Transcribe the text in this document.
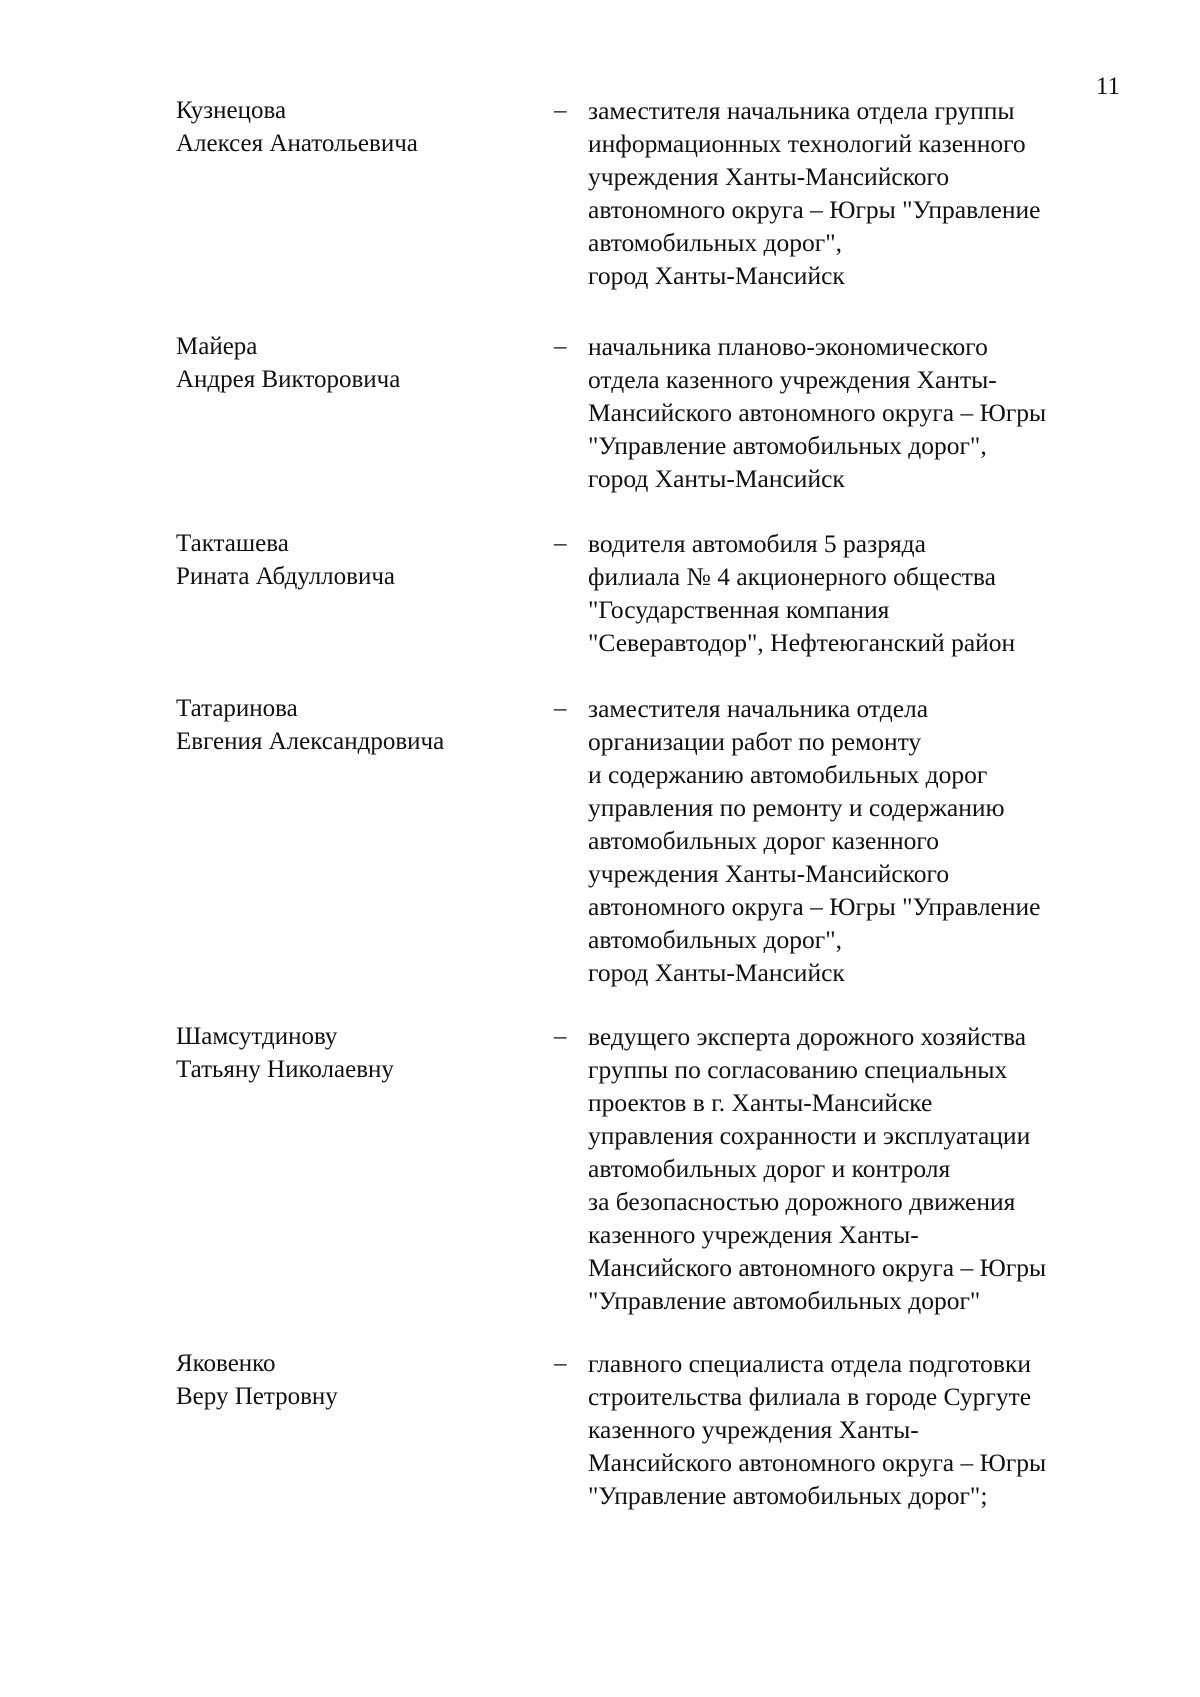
11
Кузнецова
Алексея Анатольевича
– заместителя начальника отдела группы
информационных технологий казенного
учреждения Ханты-Мансийского
автономного округа – Югры "Управление
автомобильных дорог",
город Ханты-Мансийск
Майера
Андрея Викторовича
– начальника планово-экономического
отдела казенного учреждения Ханты-
Мансийского автономного округа – Югры
"Управление автомобильных дорог",
город Ханты-Мансийск
Такташева
Рината Абдулловича
– водителя автомобиля 5 разряда
филиала № 4 акционерного общества
"Государственная компания
"Северавтодор", Нефтеюганский район
Татаринова
Евгения Александровича
– заместителя начальника отдела
организации работ по ремонту
и содержанию автомобильных дорог
управления по ремонту и содержанию
автомобильных дорог казенного
учреждения Ханты-Мансийского
автономного округа – Югры "Управление
автомобильных дорог",
город Ханты-Мансийск
Шамсутдинову
Татьяну Николаевну
– ведущего эксперта дорожного хозяйства
группы по согласованию специальных
проектов в г. Ханты-Мансийске
управления сохранности и эксплуатации
автомобильных дорог и контроля
за безопасностью дорожного движения
казенного учреждения Ханты-
Мансийского автономного округа – Югры
"Управление автомобильных дорог"
Яковенко
Веру Петровну
– главного специалиста отдела подготовки
строительства филиала в городе Сургуте
казенного учреждения Ханты-
Мансийского автономного округа – Югры
"Управление автомобильных дорог";
